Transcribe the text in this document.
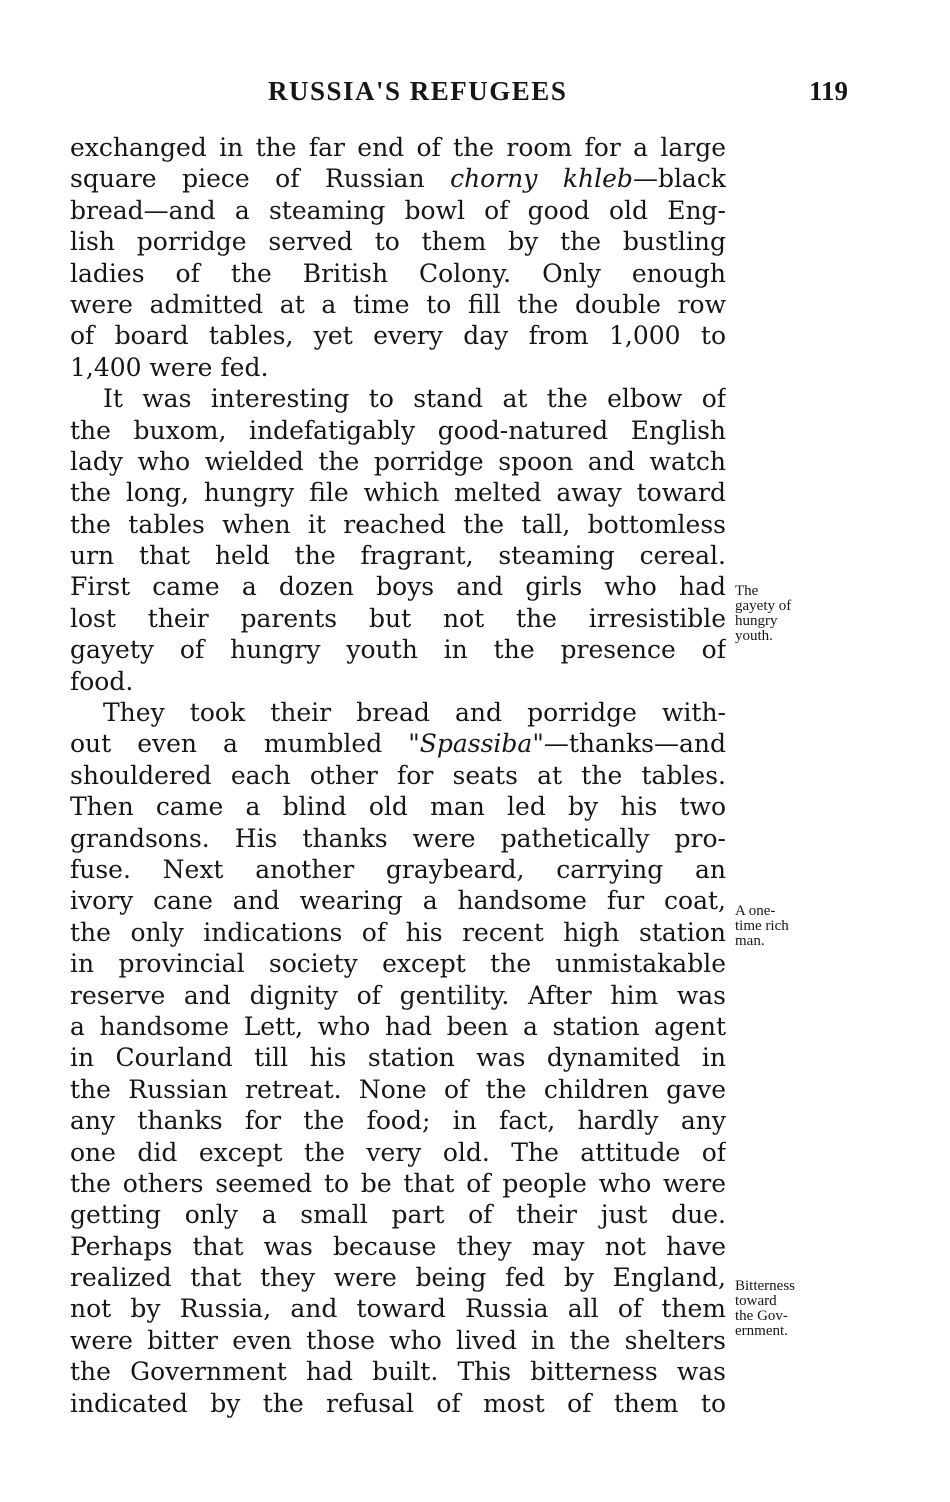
RUSSIA'S REFUGEES	119
exchanged in the far end of the room for a large
square piece of Russian chorny khleb—black
bread—and a steaming bowl of good old Eng-
lish porridge served to them by the bustling
ladies of the British Colony. Only enough
were admitted at a time to fill the double row
of board tables, yet every day from 1,000 to
1,400 were fed.
It was interesting to stand at the elbow of
the buxom, indefatigably good-natured English
lady who wielded the porridge spoon and watch
the long, hungry file which melted away toward
the tables when it reached the tall, bottomless
urn that held the fragrant, steaming cereal.
First came a dozen boys and girls who had
lost their parents but not the irresistible
gayety of hungry youth in the presence of
food.
They took their bread and porridge with-
out even a mumbled "Spassiba"—thanks—and
shouldered each other for seats at the tables.
Then came a blind old man led by his two
grandsons. His thanks were pathetically pro-
fuse. Next another graybeard, carrying an
ivory cane and wearing a handsome fur coat,
the only indications of his recent high station
in provincial society except the unmistakable
reserve and dignity of gentility. After him was
a handsome Lett, who had been a station agent
in Courland till his station was dynamited in
the Russian retreat. None of the children gave
any thanks for the food; in fact, hardly any
one did except the very old. The attitude of
the others seemed to be that of people who were
getting only a small part of their just due.
Perhaps that was because they may not have
realized that they were being fed by England,
not by Russia, and toward Russia all of them
were bitter even those who lived in the shelters
the Government had built. This bitterness was
indicated by the refusal of most of them to
The
gayety of
hungry
youth.
A one-
time rich
man.
Bitterness
toward
the Gov-
ernment.
